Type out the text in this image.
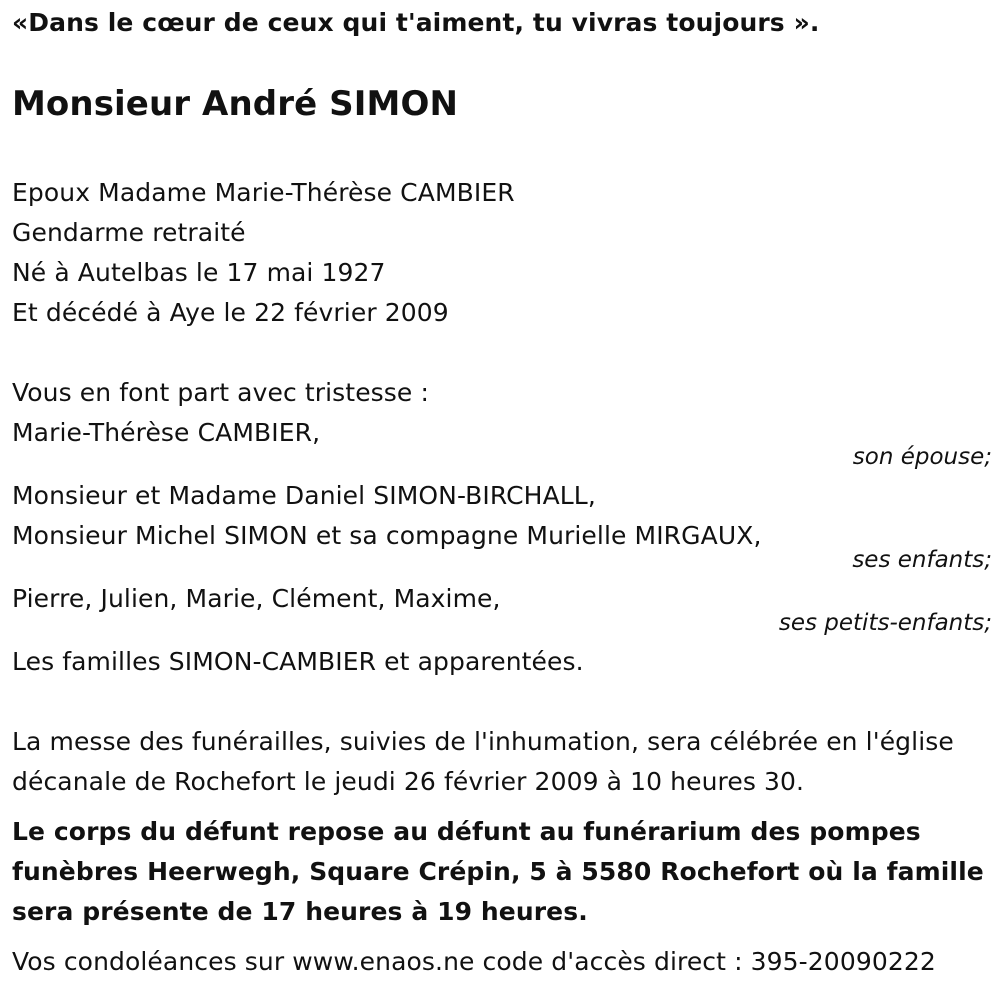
«Dans le cœur de ceux qui t'aiment, tu vivras toujours ».
Monsieur André SIMON
Epoux Madame Marie-Thérèse CAMBIER
Gendarme retraité
Né à Autelbas le 17 mai 1927
Et décédé à Aye le 22 février 2009
Vous en font part avec tristesse :
Marie-Thérèse CAMBIER,
son épouse;
Monsieur et Madame Daniel SIMON-BIRCHALL,
Monsieur Michel SIMON et sa compagne Murielle MIRGAUX,
ses enfants;
Pierre, Julien, Marie, Clément, Maxime,
ses petits-enfants;
Les familles SIMON-CAMBIER et apparentées.
La messe des funérailles, suivies de l'inhumation, sera célébrée en l'église
décanale de Rochefort le jeudi 26 février 2009 à 10 heures 30.
Le corps du défunt repose au défunt au funérarium des pompes
funèbres Heerwegh, Square Crépin, 5 à 5580 Rochefort où la famille
sera présente de 17 heures à 19 heures.
Vos condoléances sur www.enaos.ne code d'accès direct : 395-20090222
